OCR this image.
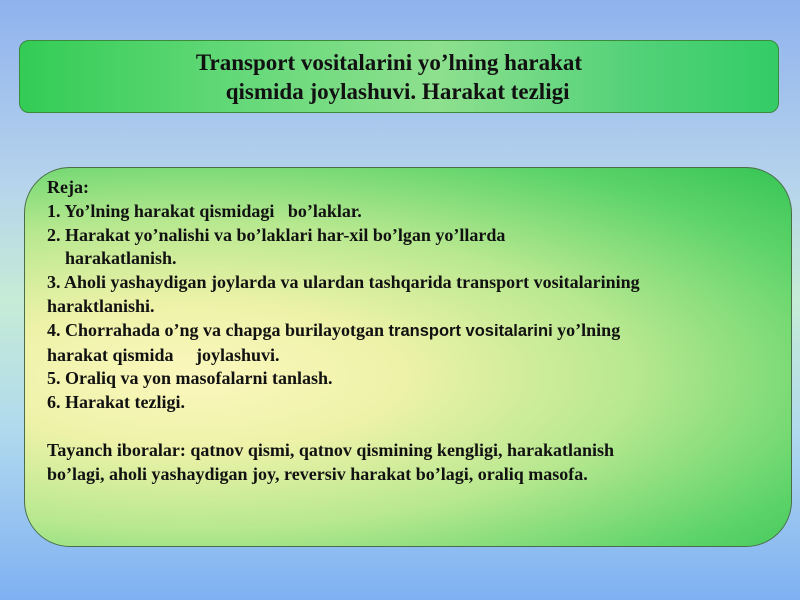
Transport vositalarini yo’lning harakat
qismida joylashuvi. Harakat tezligi

Reja:

1. Yo’lning harakat qismidagi   bo’laklar.

2. Harakat yo’nalishi va bo’laklari har-xil bo’lgan yo’llarda

harakatlanish.

3. Aholi yashaydigan joylarda va ulardan tashqarida transport vositalarining

haraktlanishi.

4. Chorrahada o’ng va chapga burilayotgan transport vositalarini yo’lning

harakat qismida     joylashuvi.

5. Oraliq va yon masofalarni tanlash.

6. Harakat tezligi.

Tayanch iboralar: qatnov qismi, qatnov qismining kengligi, harakatlanish

bo’lagi, aholi yashaydigan joy, reversiv harakat bo’lagi, oraliq masofa.
